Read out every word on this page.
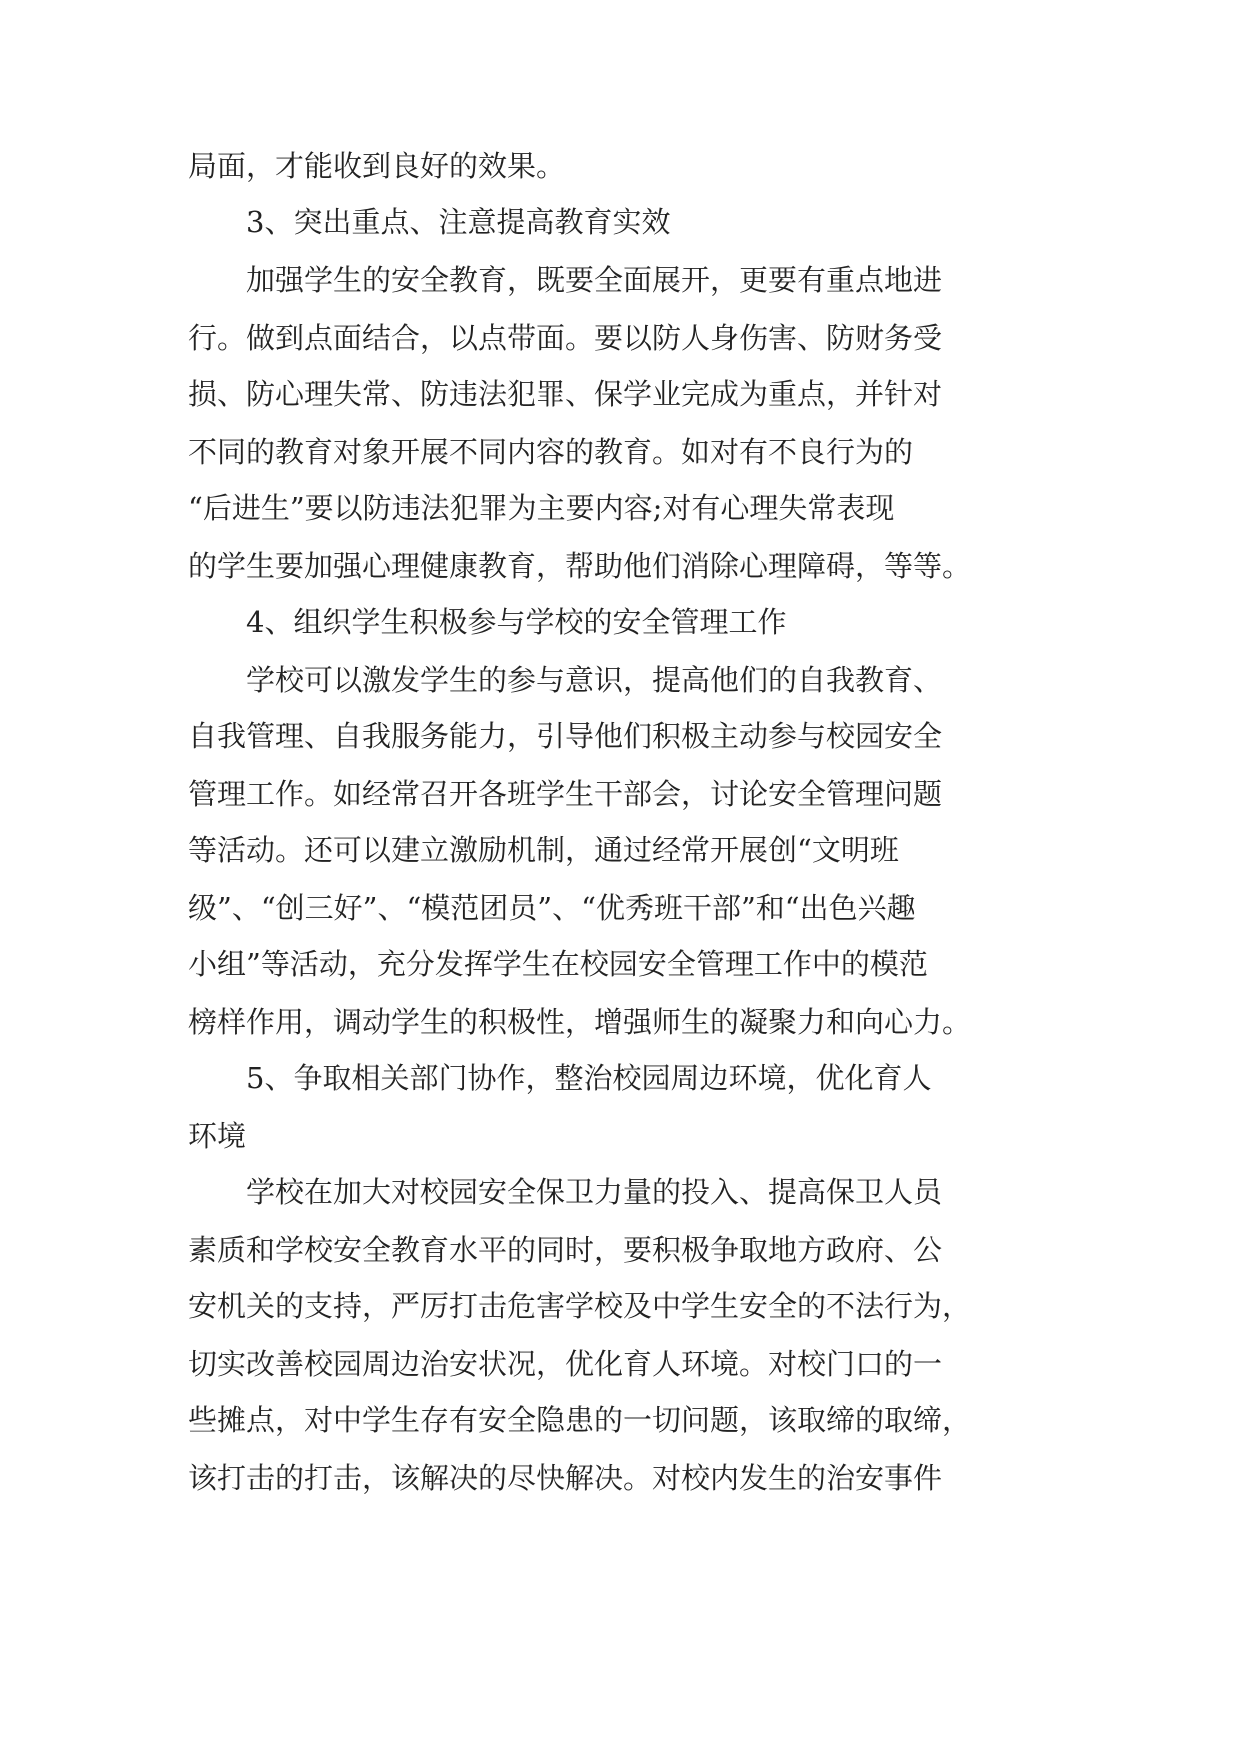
局面，才能收到良好的效果。
3、突出重点、注意提高教育实效
加强学生的安全教育，既要全面展开，更要有重点地进
行。做到点面结合，以点带面。要以防人身伤害、防财务受
损、防心理失常、防违法犯罪、保学业完成为重点，并针对
不同的教育对象开展不同内容的教育。如对有不良行为的
“后进生”要以防违法犯罪为主要内容;对有心理失常表现
的学生要加强心理健康教育，帮助他们消除心理障碍，等等。
4、组织学生积极参与学校的安全管理工作
学校可以激发学生的参与意识，提高他们的自我教育、
自我管理、自我服务能力，引导他们积极主动参与校园安全
管理工作。如经常召开各班学生干部会，讨论安全管理问题
等活动。还可以建立激励机制，通过经常开展创“文明班
级”、“创三好”、“模范团员”、“优秀班干部”和“出色兴趣
小组”等活动，充分发挥学生在校园安全管理工作中的模范
榜样作用，调动学生的积极性，增强师生的凝聚力和向心力。
5、争取相关部门协作，整治校园周边环境，优化育人
环境
学校在加大对校园安全保卫力量的投入、提高保卫人员
素质和学校安全教育水平的同时，要积极争取地方政府、公
安机关的支持，严厉打击危害学校及中学生安全的不法行为，
切实改善校园周边治安状况，优化育人环境。对校门口的一
些摊点，对中学生存有安全隐患的一切问题，该取缔的取缔，
该打击的打击，该解决的尽快解决。对校内发生的治安事件
